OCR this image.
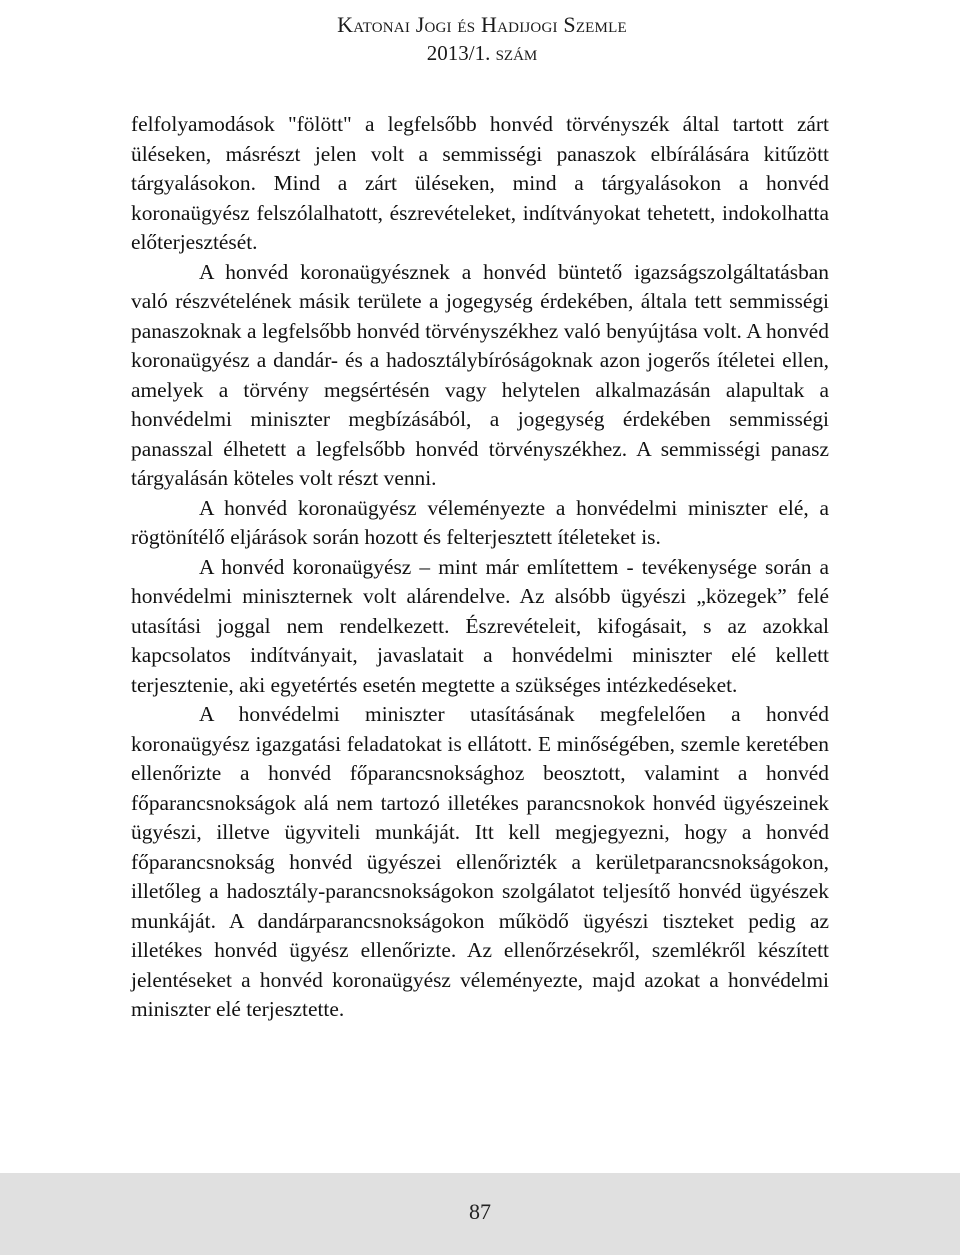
Katonai Jogi és Hadijogi Szemle
2013/1. szám

felfolyamodások "fölött" a legfelsőbb honvéd törvényszék által tartott zárt üléseken, másrészt jelen volt a semmisségi panaszok elbírálására kitűzött tárgyalásokon. Mind a zárt üléseken, mind a tárgyalásokon a honvéd koronaügyész felszólalhatott, észrevételeket, indítványokat tehetett, indokolhatta előterjesztését.

A honvéd koronaügyésznek a honvéd büntető igazságszolgáltatásban való részvételének másik területe a jogegység érdekében, általa tett semmisségi panaszoknak a legfelsőbb honvéd törvényszékhez való benyújtása volt. A honvéd koronaügyész a dandár- és a hadosztálybíróságoknak azon jogerős ítéletei ellen, amelyek a törvény megsértésén vagy helytelen alkalmazásán alapultak a honvédelmi miniszter megbízásából, a jogegység érdekében semmisségi panasszal élhetett a legfelsőbb honvéd törvényszékhez. A semmisségi panasz tárgyalásán köteles volt részt venni.

A honvéd koronaügyész véleményezte a honvédelmi miniszter elé, a rögtönítélő eljárások során hozott és felterjesztett ítéleteket is.

A honvéd koronaügyész – mint már említettem - tevékenysége során a honvédelmi miniszternek volt alárendelve. Az alsóbb ügyészi „közegek” felé utasítási joggal nem rendelkezett. Észrevételeit, kifogásait, s az azokkal kapcsolatos indítványait, javaslatait a honvédelmi miniszter elé kellett terjesztenie, aki egyetértés esetén megtette a szükséges intézkedéseket.

A honvédelmi miniszter utasításának megfelelően a honvéd koronaügyész igazgatási feladatokat is ellátott. E minőségében, szemle keretében ellenőrizte a honvéd főparancsnoksághoz beosztott, valamint a honvéd főparancsnokságok alá nem tartozó illetékes parancsnokok honvéd ügyészeinek ügyészi, illetve ügyviteli munkáját. Itt kell megjegyezni, hogy a honvéd főparancsnokság honvéd ügyészei ellenőrizték a kerületparancsnokságokon, illetőleg a hadosztály-parancsnokságokon szolgálatot teljesítő honvéd ügyészek munkáját. A dandárparancsnokságokon működő ügyészi tiszteket pedig az illetékes honvéd ügyész ellenőrizte. Az ellenőrzésekről, szemlékről készített jelentéseket a honvéd koronaügyész véleményezte, majd azokat a honvédelmi miniszter elé terjesztette.

87
